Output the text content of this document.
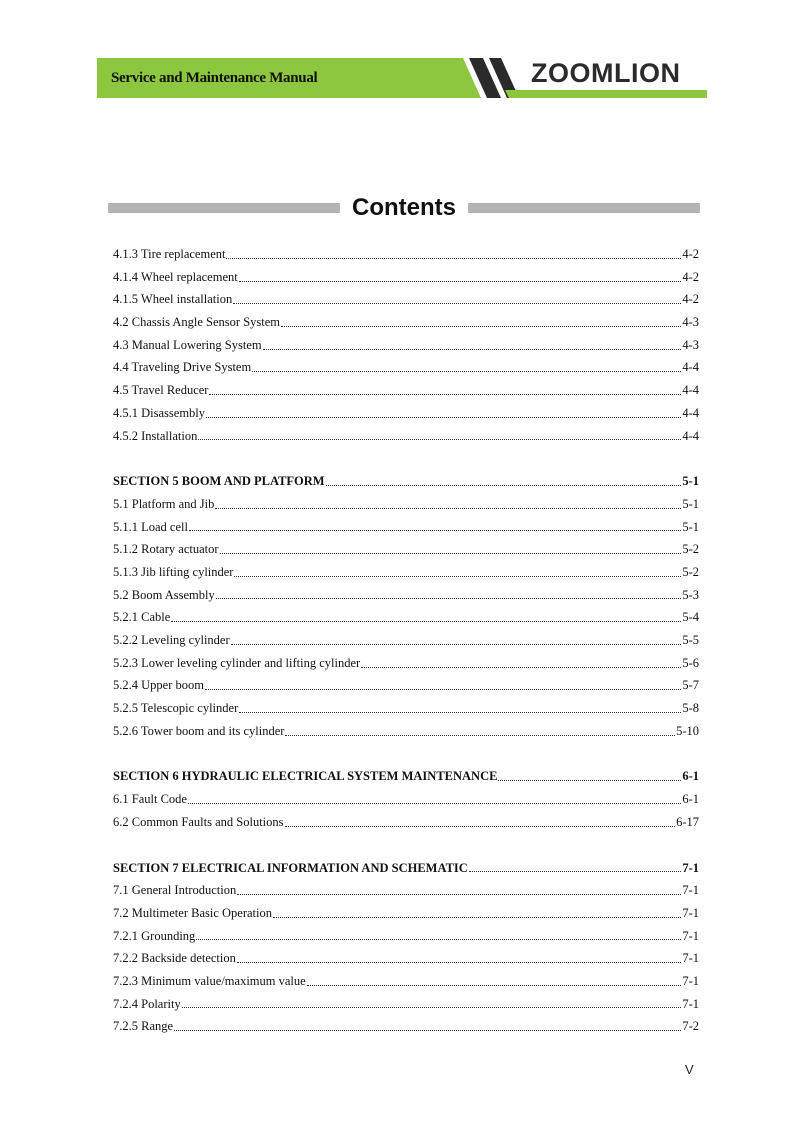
Service and Maintenance Manual	ZOOMLION
Contents
4.1.3 Tire replacement	4-2
4.1.4 Wheel replacement	4-2
4.1.5 Wheel installation	4-2
4.2 Chassis Angle Sensor System	4-3
4.3 Manual Lowering System	4-3
4.4 Traveling Drive System	4-4
4.5 Travel Reducer	4-4
4.5.1 Disassembly	4-4
4.5.2 Installation	4-4
SECTION 5 BOOM AND PLATFORM	5-1
5.1 Platform and Jib	5-1
5.1.1 Load cell	5-1
5.1.2 Rotary actuator	5-2
5.1.3 Jib lifting cylinder	5-2
5.2 Boom Assembly	5-3
5.2.1 Cable	5-4
5.2.2 Leveling cylinder	5-5
5.2.3 Lower leveling cylinder and lifting cylinder	5-6
5.2.4 Upper boom	5-7
5.2.5 Telescopic cylinder	5-8
5.2.6 Tower boom and its cylinder	5-10
SECTION 6 HYDRAULIC ELECTRICAL SYSTEM MAINTENANCE	6-1
6.1 Fault Code	6-1
6.2 Common Faults and Solutions	6-17
SECTION 7 ELECTRICAL INFORMATION AND SCHEMATIC	7-1
7.1 General Introduction	7-1
7.2 Multimeter Basic Operation	7-1
7.2.1 Grounding	7-1
7.2.2 Backside detection	7-1
7.2.3 Minimum value/maximum value	7-1
7.2.4 Polarity	7-1
7.2.5 Range	7-2
V
